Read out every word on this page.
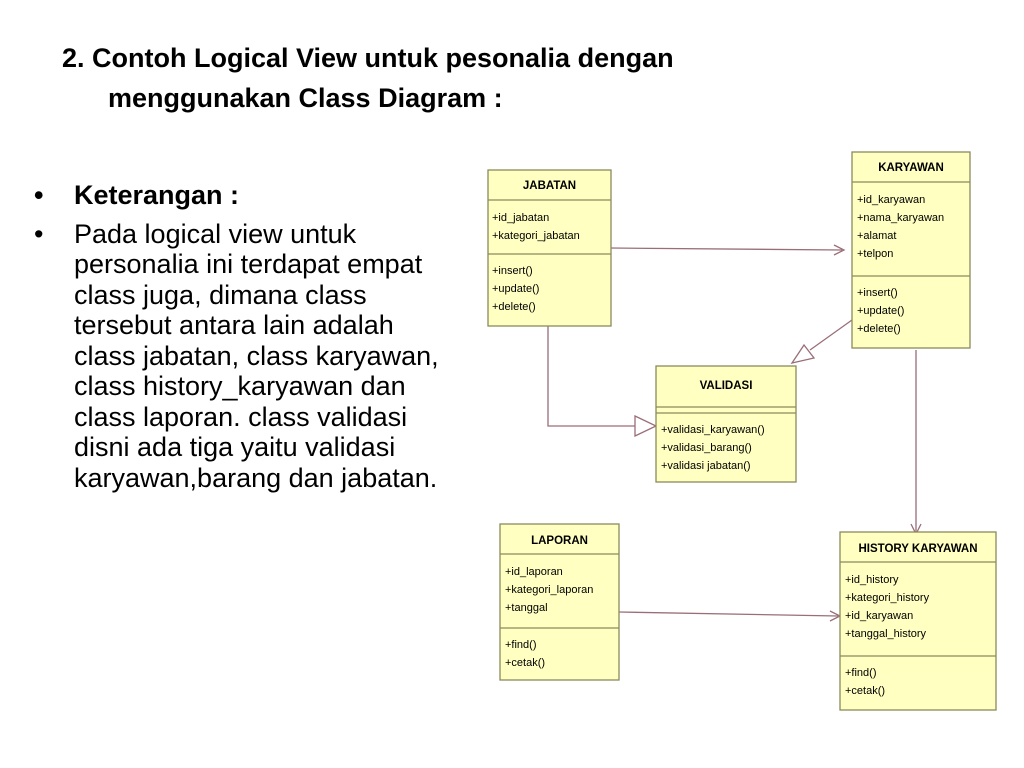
2. Contoh Logical View untuk pesonalia dengan
menggunakan Class Diagram :
• Keterangan :
• Pada logical view untuk personalia ini terdapat empat class juga, dimana class tersebut antara lain adalah class jabatan, class karyawan, class history_karyawan dan class laporan. class validasi disni ada tiga yaitu validasi karyawan,barang dan jabatan.
JABATAN
+id_jabatan
+kategori_jabatan
+insert()
+update()
+delete()
KARYAWAN
+id_karyawan
+nama_karyawan
+alamat
+telpon
+insert()
+update()
+delete()
VALIDASI
+validasi_karyawan()
+validasi_barang()
+validasi jabatan()
LAPORAN
+id_laporan
+kategori_laporan
+tanggal
+find()
+cetak()
HISTORY KARYAWAN
+id_history
+kategori_history
+id_karyawan
+tanggal_history
+find()
+cetak()
